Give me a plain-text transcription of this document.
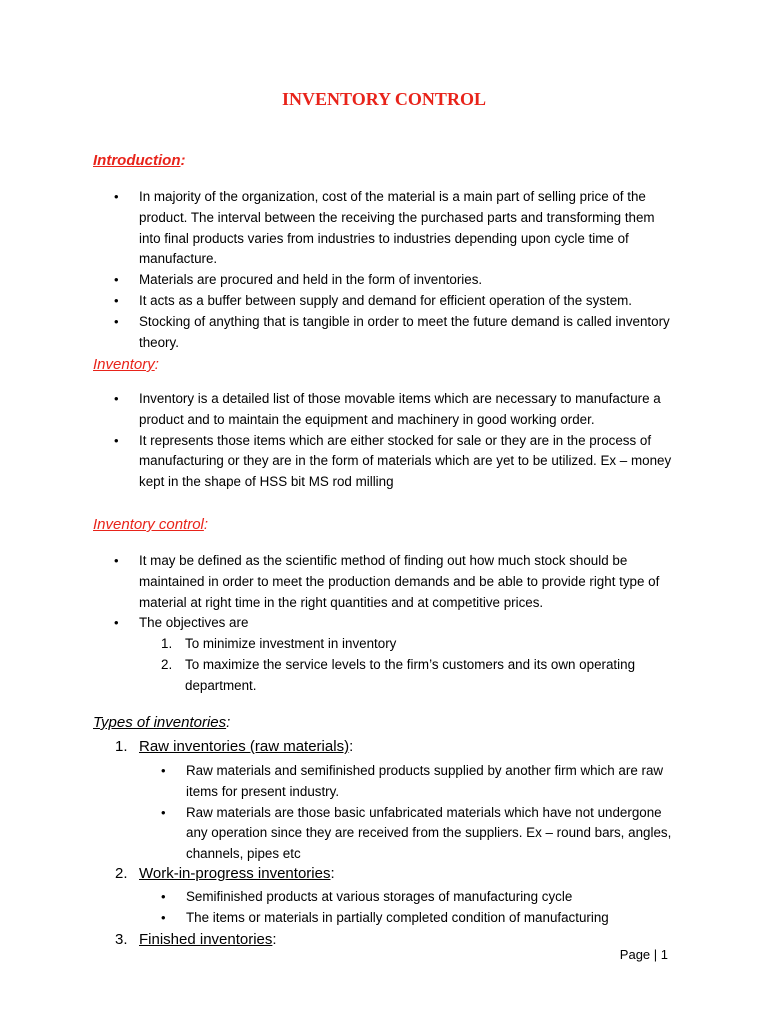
INVENTORY CONTROL
Introduction:
• In majority of the organization, cost of the material is a main part of selling price of the product. The interval between the receiving the purchased parts and transforming them into final products varies from industries to industries depending upon cycle time of manufacture.
• Materials are procured and held in the form of inventories.
• It acts as a buffer between supply and demand for efficient operation of the system.
• Stocking of anything that is tangible in order to meet the future demand is called inventory theory.
Inventory:
• Inventory is a detailed list of those movable items which are necessary to manufacture a product and to maintain the equipment and machinery in good working order.
• It represents those items which are either stocked for sale or they are in the process of manufacturing or they are in the form of materials which are yet to be utilized. Ex – money kept in the shape of HSS bit MS rod milling
Inventory control:
• It may be defined as the scientific method of finding out how much stock should be maintained in order to meet the production demands and be able to provide right type of material at right time in the right quantities and at competitive prices.
• The objectives are
1. To minimize investment in inventory
2. To maximize the service levels to the firm’s customers and its own operating department.
Types of inventories:
1. Raw inventories (raw materials):
• Raw materials and semifinished products supplied by another firm which are raw items for present industry.
• Raw materials are those basic unfabricated materials which have not undergone any operation since they are received from the suppliers. Ex – round bars, angles, channels, pipes etc
2. Work-in-progress inventories:
• Semifinished products at various storages of manufacturing cycle
• The items or materials in partially completed condition of manufacturing
3. Finished inventories:
Page | 1
